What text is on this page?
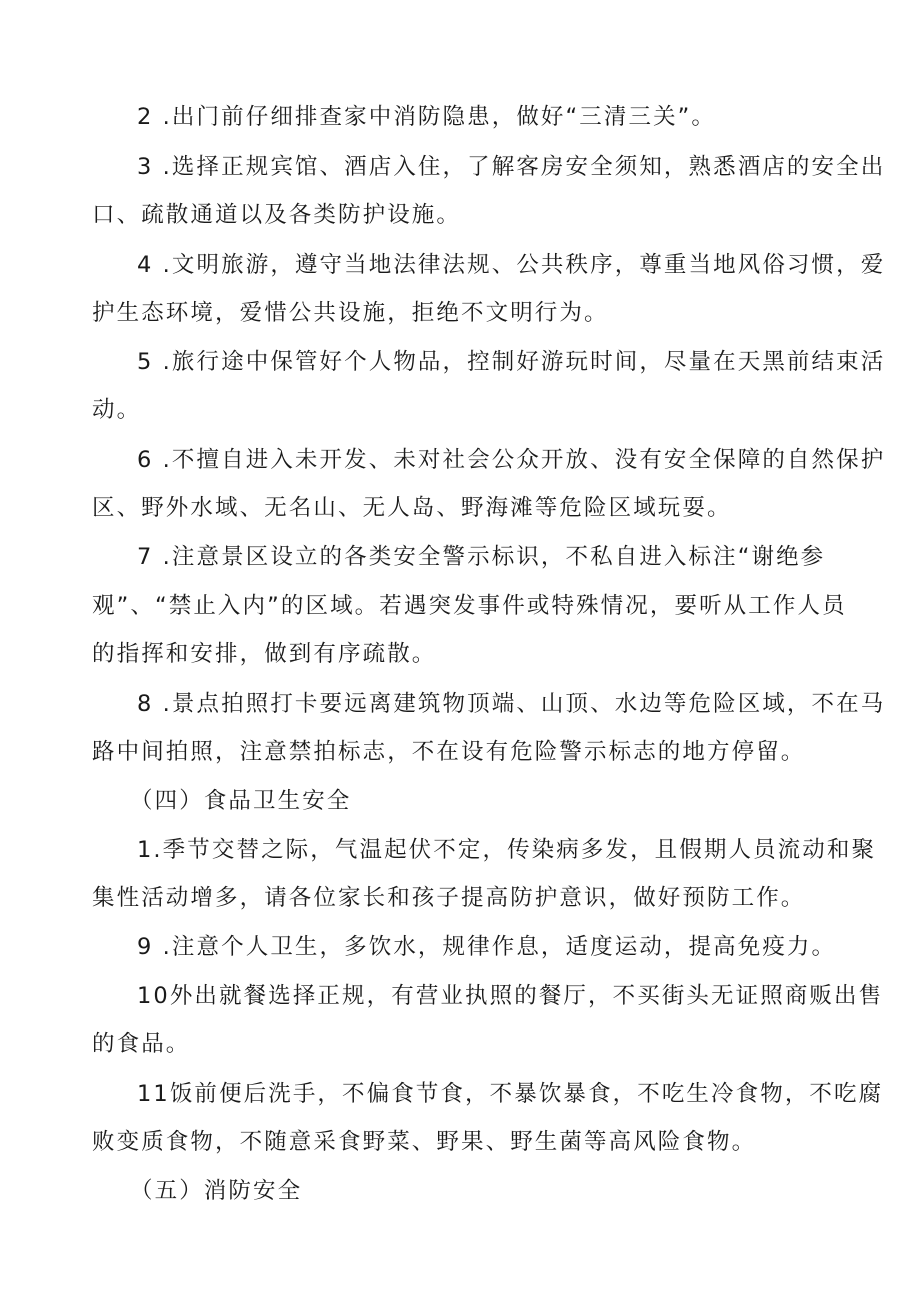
2 .出门前仔细排查家中消防隐患，做好“三清三关”。
3 .选择正规宾馆、酒店入住，了解客房安全须知，熟悉酒店的安全出
口、疏散通道以及各类防护设施。
4 .文明旅游，遵守当地法律法规、公共秩序，尊重当地风俗习惯，爱
护生态环境，爱惜公共设施，拒绝不文明行为。
5 .旅行途中保管好个人物品，控制好游玩时间，尽量在天黑前结束活
动。
6 .不擅自进入未开发、未对社会公众开放、没有安全保障的自然保护
区、野外水域、无名山、无人岛、野海滩等危险区域玩耍。
7 .注意景区设立的各类安全警示标识，不私自进入标注“谢绝参
观”、“禁止入内”的区域。若遇突发事件或特殊情况，要听从工作人员
的指挥和安排，做到有序疏散。
8 .景点拍照打卡要远离建筑物顶端、山顶、水边等危险区域，不在马
路中间拍照，注意禁拍标志，不在设有危险警示标志的地方停留。
（四）食品卫生安全
1.季节交替之际，气温起伏不定，传染病多发，且假期人员流动和聚
集性活动增多，请各位家长和孩子提高防护意识，做好预防工作。
9 .注意个人卫生，多饮水，规律作息，适度运动，提高免疫力。
10外出就餐选择正规，有营业执照的餐厅，不买街头无证照商贩出售
的食品。
11饭前便后洗手，不偏食节食，不暴饮暴食，不吃生冷食物，不吃腐
败变质食物，不随意采食野菜、野果、野生菌等高风险食物。
（五）消防安全
